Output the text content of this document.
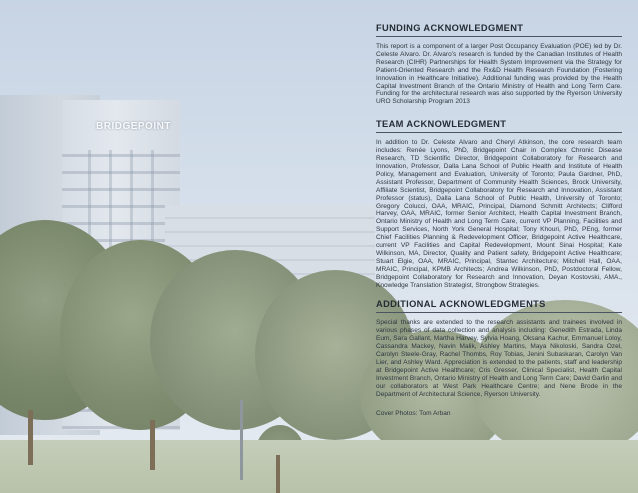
BRIDGEPOINT
FUNDING ACKNOWLEDGMENT

This report is a component of a larger Post Occupancy Evaluation (POE) led by Dr. Celeste Alvaro. Dr. Alvaro’s research is funded by the Canadian Institutes of Health Research (CIHR) Partnerships for Health System Improvement via the Strategy for Patient-Oriented Research and the Rx&D Health Research Foundation (Fostering Innovation in Healthcare Initiative). Additional funding was provided by the Health Capital Investment Branch of the Ontario Ministry of Health and Long Term Care. Funding for the architectural research was also supported by the Ryerson University URO Scholarship Program 2013

TEAM ACKNOWLEDGMENT

In addition to Dr. Celeste Alvaro and Cheryl Atkinson, the core research team includes: Renée Lyons, PhD, Bridgepoint Chair in Complex Chronic Disease Research, TD Scientific Director, Bridgepoint Collaboratory for Research and Innovation, Professor, Dalla Lana School of Public Health and Institute of Health Policy, Management and Evaluation, University of Toronto; Paula Gardner, PhD, Assistant Professor, Department of Community Health Sciences, Brock University, Affiliate Scientist, Bridgepoint Collaboratory for Research and Innovation, Assistant Professor (status), Dalla Lana School of Public Health, University of Toronto; Gregory Colucci, OAA, MRAIC, Principal, Diamond Schmitt Architects; Clifford Harvey, OAA, MRAIC, former Senior Architect, Health Capital Investment Branch, Ontario Ministry of Health and Long Term Care, current VP Planning, Facilities and Support Services, North York General Hospital; Tony Khouri, PhD, PEng, former Chief Facilities Planning & Redevelopment Officer, Bridgepoint Active Healthcare, current VP Facilities and Capital Redevelopment, Mount Sinai Hospital; Kate Wilkinson, MA, Director, Quality and Patient safety, Bridgepoint Active Healthcare; Stuart Elgie, OAA, MRAIC, Principal, Stantec Architecture; Mitchell Hall, OAA, MRAIC, Principal, KPMB Architects; Andrea Wilkinson, PhD, Postdoctoral Fellow, Bridgepoint Collaboratory for Research and Innovation, Deyan Kostovski, AMA., Knowledge Translation Strategist, Strongbow Strategies.

ADDITIONAL ACKNOWLEDGMENTS

Special thanks are extended to the research assistants and trainees involved in various phases of data collection and analysis including: Genedith Estrada, Linda Eum, Sara Gallant, Martha Harvey, Sylvia Hoang, Oksana Kachur, Emmanuel Loloy, Cassandra Mackey, Navin Malik, Ashley Martins, Maya Nikoloski, Sandra Ozel, Carolyn Steele-Gray, Rachel Thombs, Roy Tobias, Jenini Subaskaran, Carolyn Van Lier, and Ashley Ward. Appreciation is extended to the patients, staff and leadership at Bridgepoint Active Healthcare; Cris Gresser, Clinical Specialist, Health Capital Investment Branch, Ontario Ministry of Health and Long Term Care; David Garlin and our collaborators at West Park Healthcare Centre; and Nene Brode in the Department of Architectural Science, Ryerson University.

Cover Photos: Tom Arban
